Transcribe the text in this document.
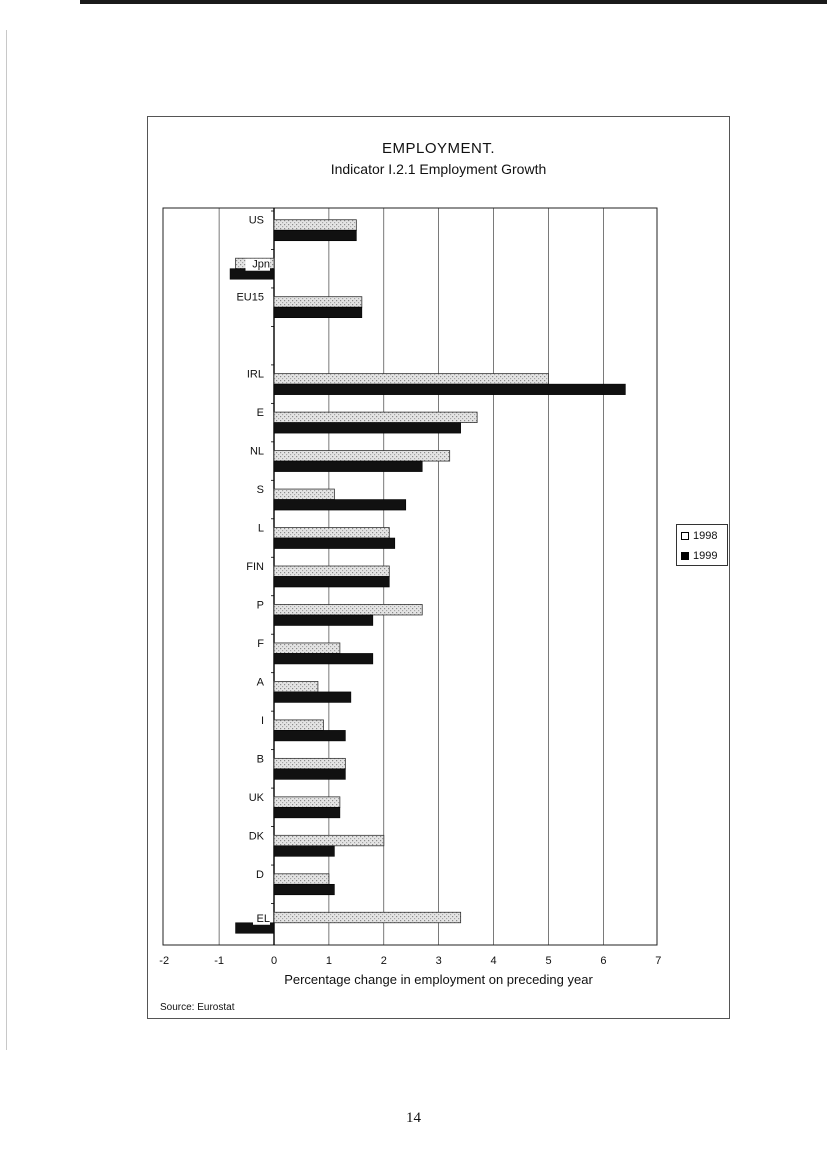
EMPLOYMENT.
Indicator I.2.1 Employment Growth
-2	-1	0	1	2	3	4	5	6	7
US
Jpn
EU15
IRL
E
NL
S
L
FIN
P
F
A
I
B
UK
DK
D
EL
1998
1999
Percentage change in employment on preceding year
Source: Eurostat
14
